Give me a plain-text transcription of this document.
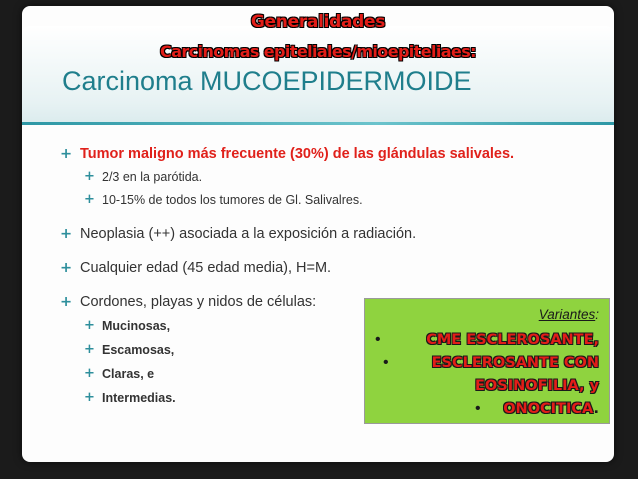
Generalidades
Carcinomas epiteliales/mioepiteliaes:
Carcinoma MUCOEPIDERMOIDE
+ Tumor maligno más frecuente (30%) de las glándulas salivales.
+ 2/3 en la parótida.
+ 10-15% de todos los tumores de Gl. Salivalres.
+ Neoplasia (++) asociada a la exposición a radiación.
+ Cualquier edad (45 edad media), H=M.
+ Cordones, playas y nidos de células:
+ Mucinosas,
+ Escamosas,
+ Claras, e
+ Intermedias.
Variantes:
•	CME ESCLEROSANTE,
•	ESCLEROSANTE CON
EOSINOFILIA, y
• ONOCITICA.
